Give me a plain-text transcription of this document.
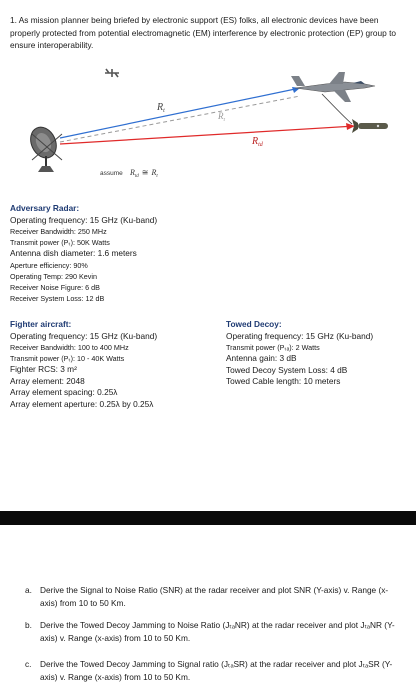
1. As mission planner being briefed by electronic support (ES) folks, all electronic devices have been properly protected from potential electromagnetic (EM) interference by electronic protection (EP) group to ensure interoperability.
$R_t$	$R_t$
$R_{td}$
assume $R_{td}$ ≅ $R_t$
Adversary Radar:
Operating frequency: 15 GHz (Ku-band)
Receiver Bandwidth: 250 MHz
Transmit power (Pₜ): 50K Watts
Antenna dish diameter: 1.6 meters
Aperture efficiency: 90%
Operating Temp: 290 Kevin
Receiver Noise Figure: 6 dB
Receiver System Loss: 12 dB
Fighter aircraft:
Operating frequency: 15 GHz (Ku-band)
Receiver Bandwidth: 100 to 400 MHz
Transmit power (Pₜ): 10 - 40K Watts
Fighter RCS: 3 m²
Array element: 2048
Array element spacing: 0.25λ
Array element aperture: 0.25λ by 0.25λ
Towed Decoy:
Operating frequency: 15 GHz (Ku-band)
Transmit power (Pₜₐ): 2 Watts
Antenna gain: 3 dB
Towed Decoy System Loss: 4 dB
Towed Cable length: 10 meters
a. Derive the Signal to Noise Ratio (SNR) at the radar receiver and plot SNR (Y-axis) v. Range (x-axis) from 10 to 50 Km.
b. Derive the Towed Decoy Jamming to Noise Ratio (JₜₐNR) at the radar receiver and plot JₜₐNR (Y-axis) v. Range (x-axis) from 10 to 50 Km.
c. Derive the Towed Decoy Jamming to Signal ratio (JₜₐSR) at the radar receiver and plot JₜₐSR (Y-axis) v. Range (x-axis) from 10 to 50 Km.
